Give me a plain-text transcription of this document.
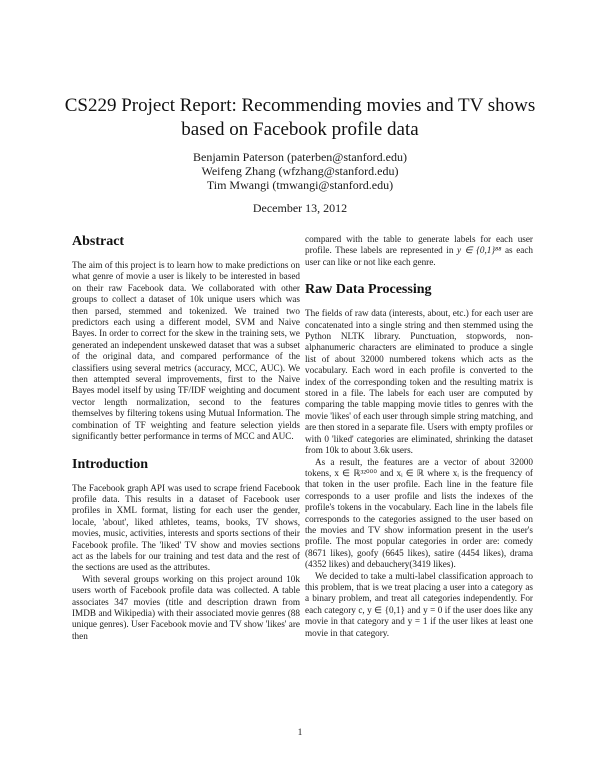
CS229 Project Report: Recommending movies and TV shows
based on Facebook profile data
Benjamin Paterson (paterben@stanford.edu)
Weifeng Zhang (wfzhang@stanford.edu)
Tim Mwangi (tmwangi@stanford.edu)
December 13, 2012
Abstract

The aim of this project is to learn how to make predictions on what genre of movie a user is likely to be interested in based on their raw Facebook data. We collaborated with other groups to collect a dataset of 10k unique users which was then parsed, stemmed and tokenized. We trained two predictors each using a different model, SVM and Naive Bayes. In order to correct for the skew in the training sets, we generated an independent unskewed dataset that was a subset of the original data, and compared performance of the classifiers using several metrics (accuracy, MCC, AUC). We then attempted several improvements, first to the Naive Bayes model itself by using TF/IDF weighting and document vector length normalization, second to the features themselves by filtering tokens using Mutual Information. The combination of TF weighting and feature selection yields significantly better performance in terms of MCC and AUC.

Introduction

The Facebook graph API was used to scrape friend Facebook profile data. This results in a dataset of Facebook user profiles in XML format, listing for each user the gender, locale, 'about', liked athletes, teams, books, TV shows, movies, music, activities, interests and sports sections of their Facebook profile. The 'liked' TV show and movies sections act as the labels for our training and test data and the rest of the sections are used as the attributes.

With several groups working on this project around 10k users worth of Facebook profile data was collected. A table associates 347 movies (title and description drawn from IMDB and Wikipedia) with their associated movie genres (88 unique genres). User Facebook movie and TV show 'likes' are then

compared with the table to generate labels for each user profile. These labels are represented in y ∈ {0,1}⁸⁸ as each user can like or not like each genre.

Raw Data Processing

The fields of raw data (interests, about, etc.) for each user are concatenated into a single string and then stemmed using the Python NLTK library. Punctuation, stopwords, non-alphanumeric characters are eliminated to produce a single list of about 32000 numbered tokens which acts as the vocabulary. Each word in each profile is converted to the index of the corresponding token and the resulting matrix is stored in a file. The labels for each user are computed by comparing the table mapping movie titles to genres with the movie 'likes' of each user through simple string matching, and are then stored in a separate file. Users with empty profiles or with 0 'liked' categories are eliminated, shrinking the dataset from 10k to about 3.6k users.

As a result, the features are a vector of about 32000 tokens, x ∈ ℝ³²⁰⁰⁰ and xᵢ ∈ ℝ where xᵢ is the frequency of that token in the user profile. Each line in the feature file corresponds to a user profile and lists the indexes of the profile's tokens in the vocabulary. Each line in the labels file corresponds to the categories assigned to the user based on the movies and TV show information present in the user's profile. The most popular categories in order are: comedy (8671 likes), goofy (6645 likes), satire (4454 likes), drama (4352 likes) and debauchery(3419 likes).

We decided to take a multi-label classification approach to this problem, that is we treat placing a user into a category as a binary problem, and treat all categories independently. For each category c, y ∈ {0,1} and y = 0 if the user does like any movie in that category and y = 1 if the user likes at least one movie in that category.

1
